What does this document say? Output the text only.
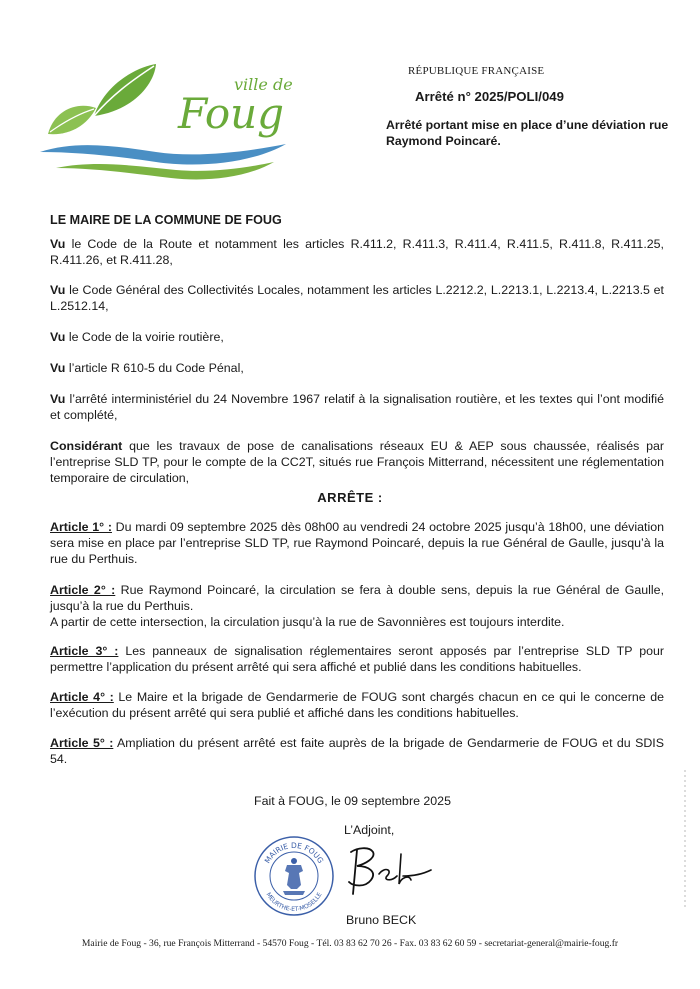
ville de
Foug
RÉPUBLIQUE FRANÇAISE
Arrêté n° 2025/POLI/049
Arrêté portant mise en place d’une déviation rue Raymond Poincaré.
LE MAIRE DE LA COMMUNE DE FOUG
Vu le Code de la Route et notamment les articles R.411.2, R.411.3, R.411.4, R.411.5, R.411.8, R.411.25, R.411.26, et R.411.28,
Vu le Code Général des Collectivités Locales, notamment les articles L.2212.2, L.2213.1, L.2213.4, L.2213.5 et L.2512.14,
Vu le Code de la voirie routière,
Vu l’article R 610-5 du Code Pénal,
Vu l’arrêté interministériel du 24 Novembre 1967 relatif à la signalisation routière, et les textes qui l’ont modifié et complété,
Considérant que les travaux de pose de canalisations réseaux EU & AEP sous chaussée, réalisés par l’entreprise SLD TP, pour le compte de la CC2T, situés rue François Mitterrand, nécessitent une réglementation temporaire de circulation,
ARRÊTE :
Article 1° : Du mardi 09 septembre 2025 dès 08h00 au vendredi 24 octobre 2025 jusqu’à 18h00, une déviation sera mise en place par l’entreprise SLD TP, rue Raymond Poincaré, depuis la rue Général de Gaulle, jusqu’à la rue du Perthuis.
Article 2° : Rue Raymond Poincaré, la circulation se fera à double sens, depuis la rue Général de Gaulle, jusqu’à la rue du Perthuis.
A partir de cette intersection, la circulation jusqu’à la rue de Savonnières est toujours interdite.
Article 3° : Les panneaux de signalisation réglementaires seront apposés par l’entreprise SLD TP pour permettre l’application du présent arrêté qui sera affiché et publié dans les conditions habituelles.
Article 4° : Le Maire et la brigade de Gendarmerie de FOUG sont chargés chacun en ce qui le concerne de l’exécution du présent arrêté qui sera publié et affiché dans les conditions habituelles.
Article 5° : Ampliation du présent arrêté est faite auprès de la brigade de Gendarmerie de FOUG et du SDIS 54.
Fait à FOUG, le 09 septembre 2025
L’Adjoint,
MAIRIE DE FOUG
MEURTHE-ET-MOSELLE
Bruno BECK
Mairie de Foug - 36, rue François Mitterrand - 54570 Foug - Tél. 03 83 62 70 26 - Fax. 03 83 62 60 59 - secretariat-general@mairie-foug.fr
